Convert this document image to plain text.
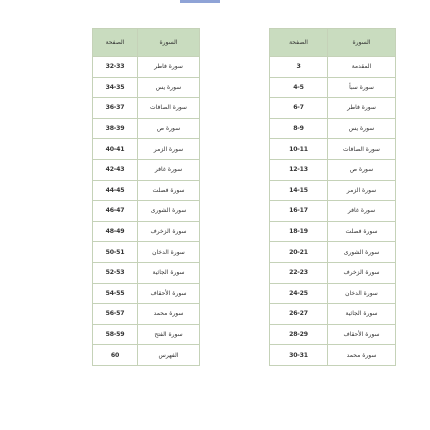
الصفحة	السورة
32-33	سورة فاطر
34-35	سورة يس
36-37	سورة الصافات
38-39	سورة ص
40-41	سورة الزمر
42-43	سورة غافر
44-45	سورة فصلت
46-47	سورة الشورى
48-49	سورة الزخرف
50-51	سورة الدخان
52-53	سورة الجاثية
54-55	سورة الأحقاف
56-57	سورة محمد
58-59	سورة الفتح
60	الفهرس
الصفحة	السورة
3	المقدمة
4-5	سورة سبأ
6-7	سورة فاطر
8-9	سورة يس
10-11	سورة الصافات
12-13	سورة ص
14-15	سورة الزمر
16-17	سورة غافر
18-19	سورة فصلت
20-21	سورة الشورى
22-23	سورة الزخرف
24-25	سورة الدخان
26-27	سورة الجاثية
28-29	سورة الأحقاف
30-31	سورة محمد
